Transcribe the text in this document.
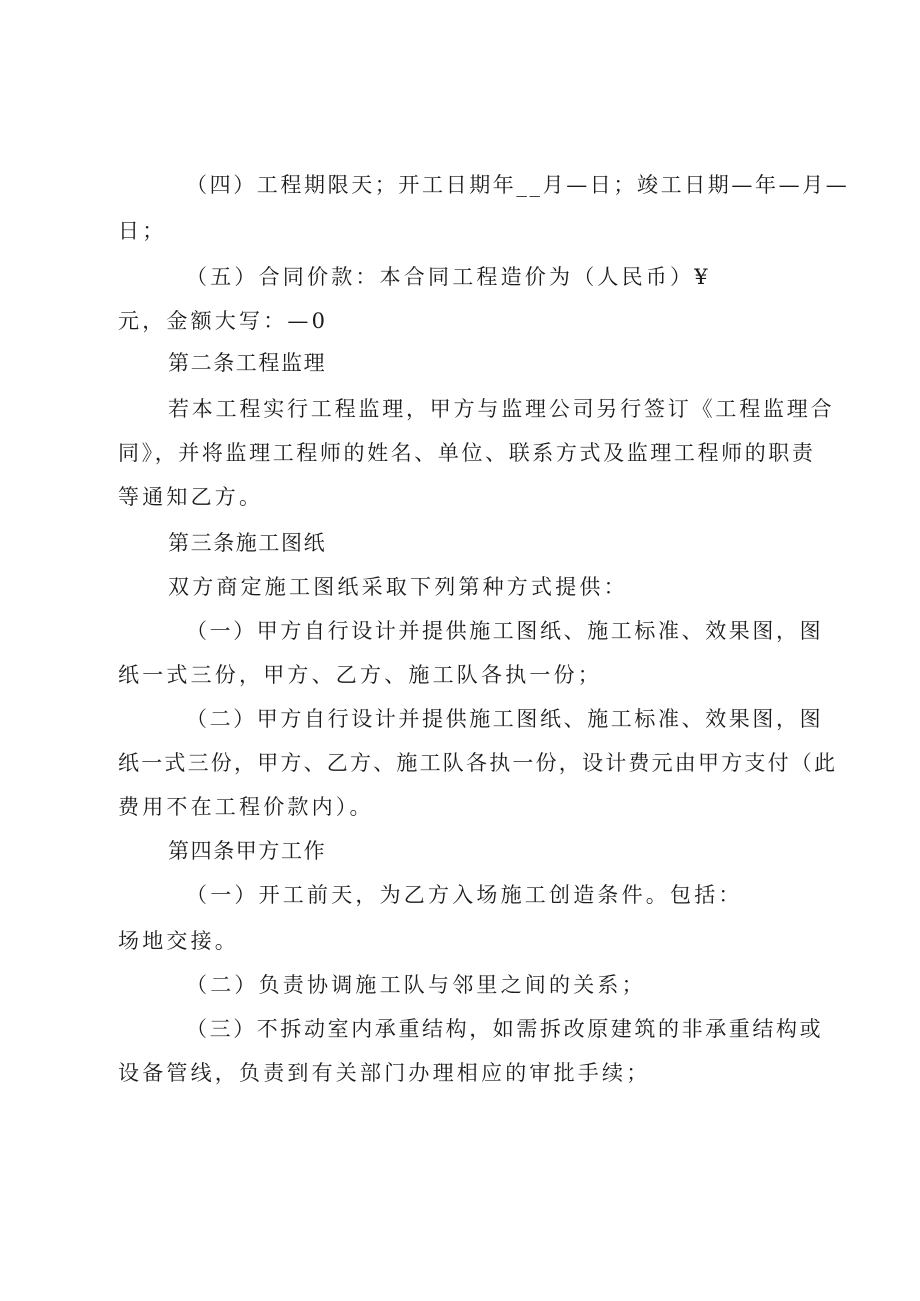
（四）工程期限天；开工日期年__月—日；竣工日期—年—月—
日；
（五）合同价款：本合同工程造价为（人民币）¥
元，金额大写：—0
第二条工程监理
若本工程实行工程监理，甲方与监理公司另行签订《工程监理合
同》，并将监理工程师的姓名、单位、联系方式及监理工程师的职责
等通知乙方。
第三条施工图纸
双方商定施工图纸采取下列第种方式提供：
（一）甲方自行设计并提供施工图纸、施工标准、效果图，图
纸一式三份，甲方、乙方、施工队各执一份；
（二）甲方自行设计并提供施工图纸、施工标准、效果图，图
纸一式三份，甲方、乙方、施工队各执一份，设计费元由甲方支付（此
费用不在工程价款内）。
第四条甲方工作
（一）开工前天，为乙方入场施工创造条件。包括：
场地交接。
（二）负责协调施工队与邻里之间的关系；
（三）不拆动室内承重结构，如需拆改原建筑的非承重结构或
设备管线，负责到有关部门办理相应的审批手续；
